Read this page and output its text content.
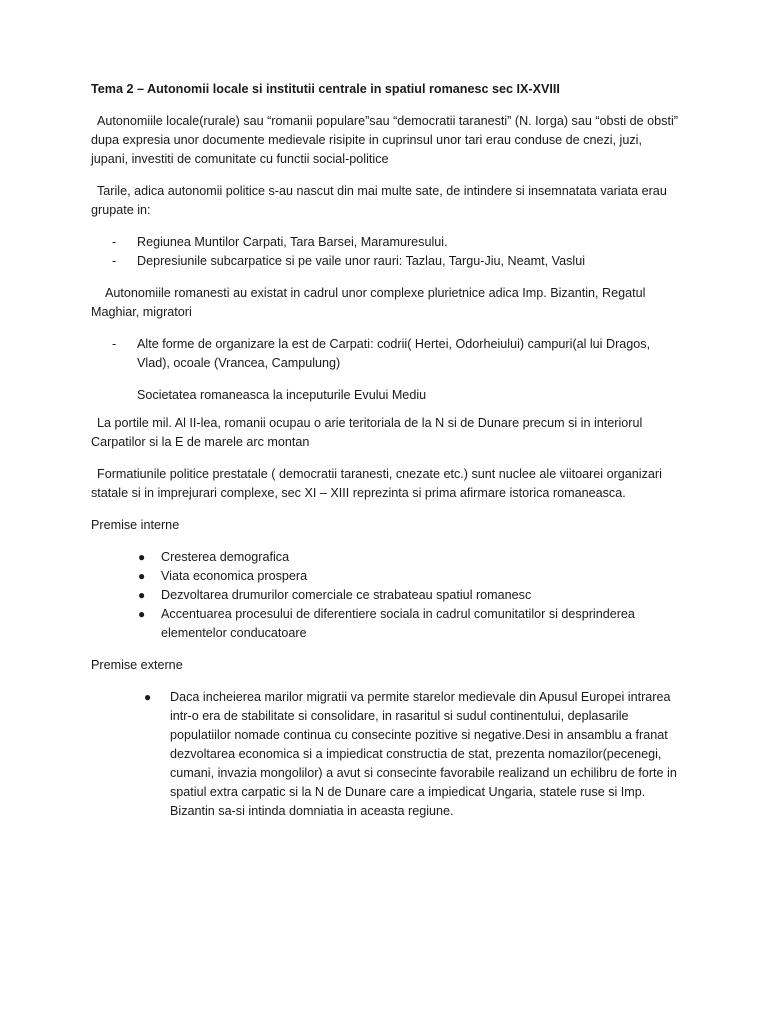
Tema 2 – Autonomii locale si institutii centrale in spatiul romanesc sec IX-XVIII

Autonomiile locale(rurale) sau “romanii populare”sau “democratii taranesti” (N. Iorga) sau “obsti de obsti” dupa expresia unor documente medievale risipite in cuprinsul unor tari erau conduse de cnezi, juzi, jupani, investiti de comunitate cu functii social-politice

Tarile, adica autonomii politice s-au nascut din mai multe sate, de intindere si insemnatata variata erau grupate in:

- Regiunea Muntilor Carpati, Tara Barsei, Maramuresului.
- Depresiunile subcarpatice si pe vaile unor rauri: Tazlau, Targu-Jiu, Neamt, Vaslui

Autonomiile romanesti au existat in cadrul unor complexe plurietnice adica Imp. Bizantin, Regatul Maghiar, migratori

- Alte forme de organizare la est de Carpati: codrii( Hertei, Odorheiului) campuri(al lui Dragos, Vlad), ocoale (Vrancea, Campulung)
Societatea romaneasca la inceputurile Evului Mediu

La portile mil. Al II-lea, romanii ocupau o arie teritoriala de la N si de Dunare precum si in interiorul Carpatilor si la E de marele arc montan

Formatiunile politice prestatale ( democratii taranesti, cnezate etc.) sunt nuclee ale viitoarei organizari statale si in imprejurari complexe, sec XI – XIII reprezinta si prima afirmare istorica romaneasca.

Premise interne
● Cresterea demografica
● Viata economica prospera
● Dezvoltarea drumurilor comerciale ce strabateau spatiul romanesc
● Accentuarea procesului de diferentiere sociala in cadrul comunitatilor si desprinderea elementelor conducatoare
Premise externe
● Daca incheierea marilor migratii va permite starelor medievale din Apusul Europei intrarea intr-o era de stabilitate si consolidare, in rasaritul si sudul continentului, deplasarile populatiilor nomade continua cu consecinte pozitive si negative.Desi in ansamblu a franat dezvoltarea economica si a impiedicat constructia de stat, prezenta nomazilor(pecenegi, cumani, invazia mongolilor) a avut si consecinte favorabile realizand un echilibru de forte in spatiul extra carpatic si la N de Dunare care a impiedicat Ungaria, statele ruse si Imp. Bizantin sa-si intinda domniatia in aceasta regiune.
